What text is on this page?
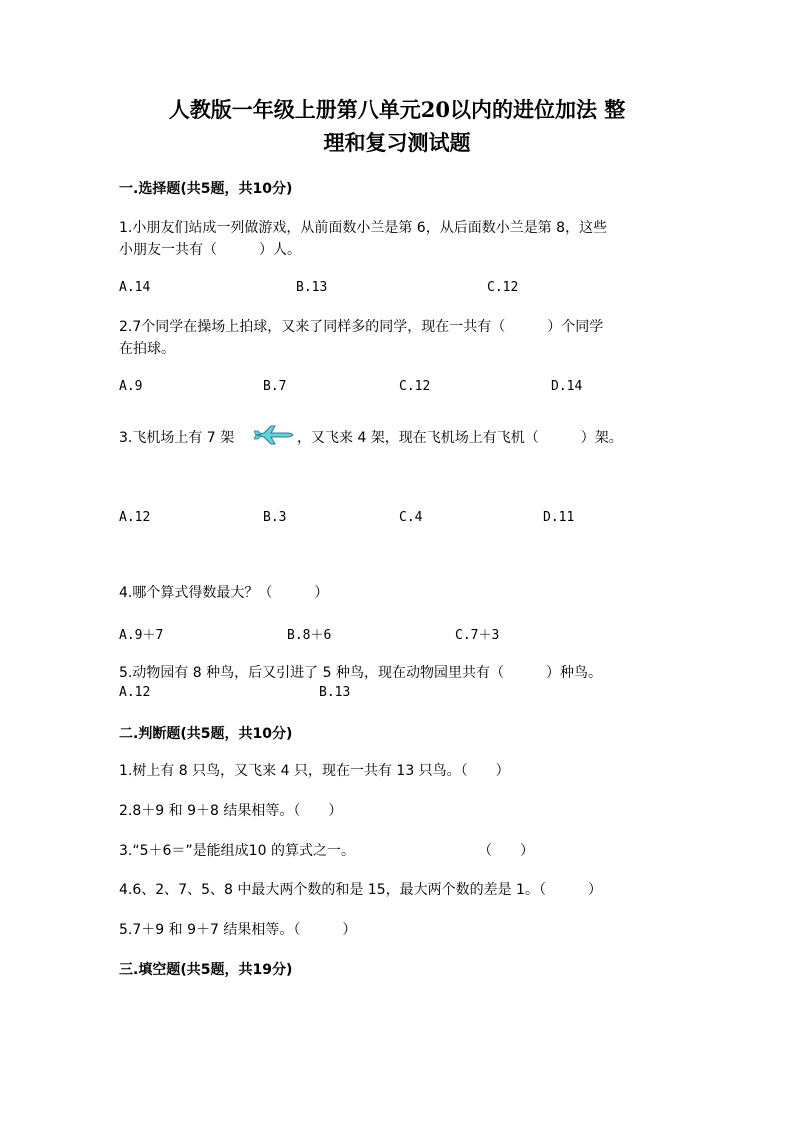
人教版一年级上册第八单元20以内的进位加法 整
理和复习测试题
一.选择题(共5题，共10分)
1.小朋友们站成一列做游戏，从前面数小兰是第 6，从后面数小兰是第 8，这些
小朋友一共有（　　　）人。
A.14	B.13	C.12
2.7个同学在操场上拍球，又来了同样多的同学，现在一共有（　　　）个同学
在拍球。
A.9	B.7	C.12	D.14
3.飞机场上有 7 架	，又飞来 4 架，现在飞机场上有飞机（　　　）架。
A.12	B.3	C.4	D.11
4.哪个算式得数最大？（　　　）
A.9＋7	B.8＋6	C.7＋3
5.动物园有 8 种鸟，后又引进了 5 种鸟，现在动物园里共有（　　　）种鸟。
A.12	B.13
二.判断题(共5题，共10分)
1.树上有 8 只鸟，又飞来 4 只，现在一共有 13 只鸟。（　　）
2.8＋9 和 9＋8 结果相等。（　　）
3.“5＋6＝”是能组成10 的算式之一。	（　　）
4.6、2、7、5、8 中最大两个数的和是 15，最大两个数的差是 1。（　　　）
5.7＋9 和 9＋7 结果相等。（　　　）
三.填空题(共5题，共19分)
